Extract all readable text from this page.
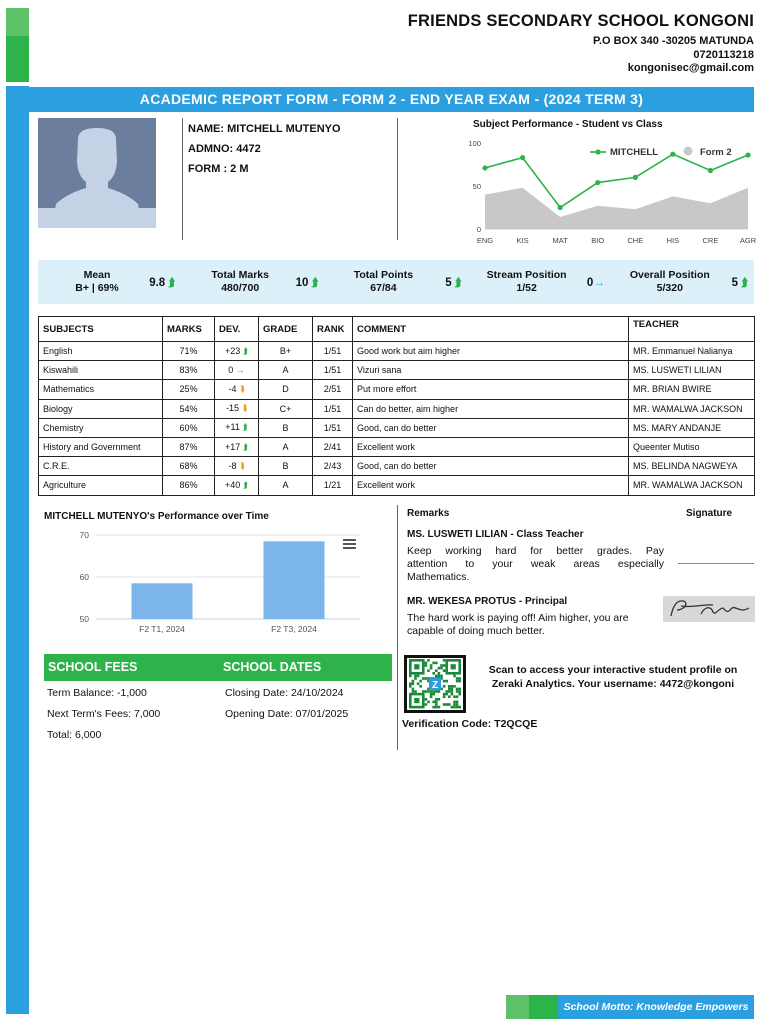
FRIENDS SECONDARY SCHOOL KONGONI
P.O BOX 340 -30205 MATUNDA
0720113218
kongonisec@gmail.com
ACADEMIC REPORT FORM - FORM 2 - END YEAR EXAM - (2024 TERM 3)
NAME: MITCHELL MUTENYO
ADMNO: 4472
FORM : 2 M
Subject Performance - Student vs Class
0
50
100
ENG	KIS	MAT	BIO	CHE	HIS	CRE	AGR
MITCHELL	Form 2
Mean
B+ | 69%	9.8 ⮭
Total Marks
480/700	10 ⮭
Total Points
67/84	5 ⮭
Stream Position
1/52	0→
Overall Position
5/320	5 ⮭
SUBJECTS	MARKS	DEV.	GRADE	RANK	COMMENT	TEACHER
English	71%	+23 ⮭	B+	1/51	Good work but aim higher	MR. Emmanuel Nalianya
Kiswahili	83%	0 →	A	1/51	Vizuri sana	MS. LUSWETI LILIAN
Mathematics	25%	-4 ⮯	D	2/51	Put more effort	MR. BRIAN BWIRE
Biology	54%	-15 ⮯	C+	1/51	Can do better, aim higher	MR. WAMALWA JACKSON
Chemistry	60%	+11 ⮭	B	1/51	Good, can do better	MS. MARY ANDANJE
History and Government	87%	+17 ⮭	A	2/41	Excellent work	Queenter Mutiso
C.R.E.	68%	-8 ⮯	B	2/43	Good, can do better	MS. BELINDA NAGWEYA
Agriculture	86%	+40 ⮭	A	1/21	Excellent work	MR. WAMALWA JACKSON
MITCHELL MUTENYO's Performance over Time
50
60
70
F2 T1, 2024	F2 T3, 2024
Remarks	Signature
MS. LUSWETI LILIAN - Class Teacher
Keep working hard for better grades. Pay
attention to your weak areas especially
Mathematics.
MR. WEKESA PROTUS - Principal
The hard work is paying off! Aim higher, you are
capable of doing much better.
SCHOOL FEES	SCHOOL DATES
Term Balance: -1,000
Next Term's Fees: 7,000
Total: 6,000
Closing Date: 24/10/2024
Opening Date: 07/01/2025
Z
Scan to access your interactive student profile on
Zeraki Analytics. Your username: 4472@kongoni
Verification Code: T2QCQE
School Motto: Knowledge Empowers
